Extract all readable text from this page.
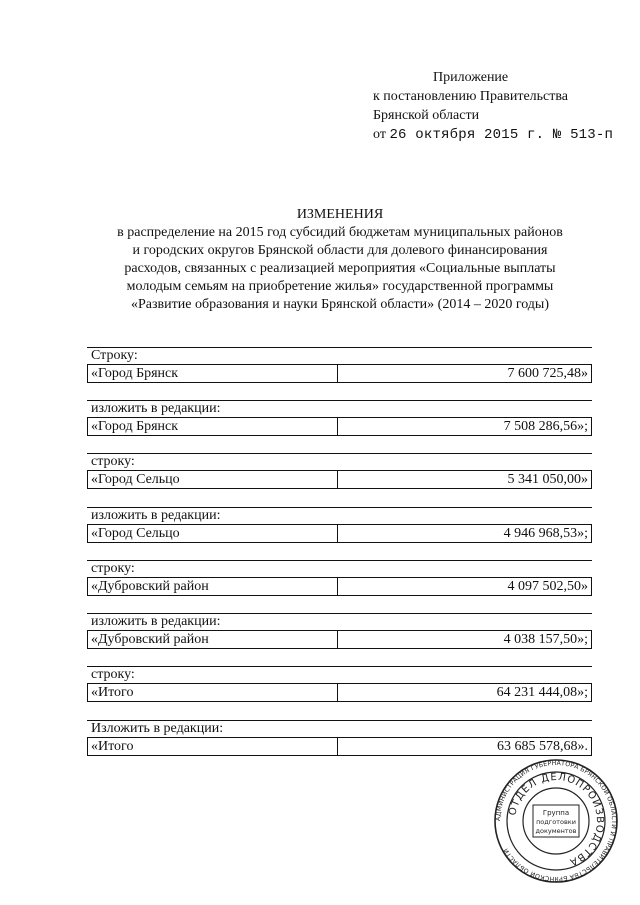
Приложение
к постановлению Правительства
Брянской области
от 26 октября 2015 г. № 513-п
ИЗМЕНЕНИЯ
в распределение на 2015 год субсидий бюджетам муниципальных районов
и городских округов Брянской области для долевого финансирования
расходов, связанных с реализацией мероприятия «Социальные выплаты
молодым семьям на приобретение жилья» государственной программы
«Развитие образования и науки Брянской области» (2014 – 2020 годы)
Строку:
«Город Брянск	7 600 725,48»
изложить в редакции:
«Город Брянск	7 508 286,56»;
строку:
«Город Сельцо	5 341 050,00»
изложить в редакции:
«Город Сельцо	4 946 968,53»;
строку:
«Дубровский район	4 097 502,50»
изложить в редакции:
«Дубровский район	4 038 157,50»;
строку:
«Итого	64 231 444,08»;
Изложить в редакции:
«Итого	63 685 578,68».
АДМИНИСТРАЦИЯ ГУБЕРНАТОРА БРЯНСКОЙ ОБЛАСТИ И ПРАВИТЕЛЬСТВА БРЯНСКОЙ ОБЛАСТИ
ОТДЕЛ ДЕЛОПРОИЗВОДСТВА
Группа
подготовки
документов
